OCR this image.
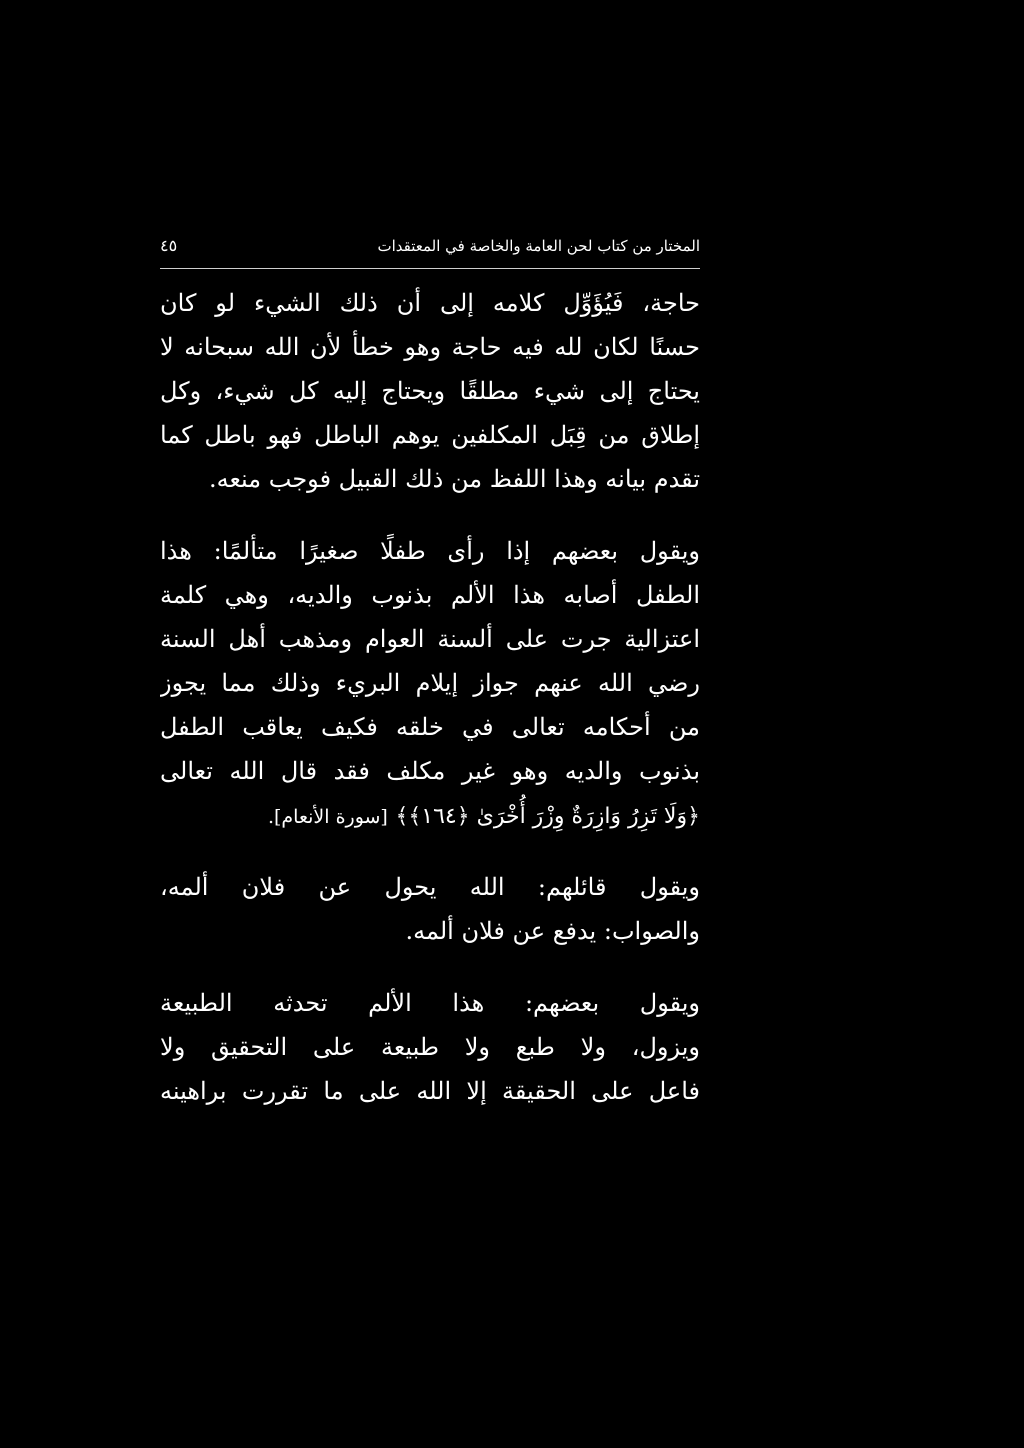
المختار من كتاب لحن العامة والخاصة في المعتقدات
٤٥
حاجة، فَيُؤَوِّل كلامه إلى أن ذلك الشيء لو كان
حسنًا لكان لله فيه حاجة وهو خطأ لأن الله سبحانه لا
يحتاج إلى شيء مطلقًا ويحتاج إليه كل شيء، وكل
إطلاق من قِبَل المكلفين يوهم الباطل فهو باطل كما
تقدم بيانه وهذا اللفظ من ذلك القبيل فوجب منعه.
ويقول بعضهم إذا رأى طفلًا صغيرًا متألمًا: هذا
الطفل أصابه هذا الألم بذنوب والديه، وهي كلمة
اعتزالية جرت على ألسنة العوام ومذهب أهل السنة
رضي الله عنهم جواز إيلام البريء وذلك مما يجوز
من أحكامه تعالى في خلقه فكيف يعاقب الطفل
بذنوب والديه وهو غير مكلف فقد قال الله تعالى
﴿وَلَا تَزِرُ وَازِرَةٌ وِزْرَ أُخْرَىٰ ﴿١٦٤﴾﴾ [سورة الأنعام].
ويقول قائلهم: الله يحول عن فلان ألمه،
والصواب: يدفع عن فلان ألمه.
ويقول بعضهم: هذا الألم تحدثه الطبيعة
ويزول، ولا طبع ولا طبيعة على التحقيق ولا
فاعل على الحقيقة إلا الله على ما تقررت براهينه
